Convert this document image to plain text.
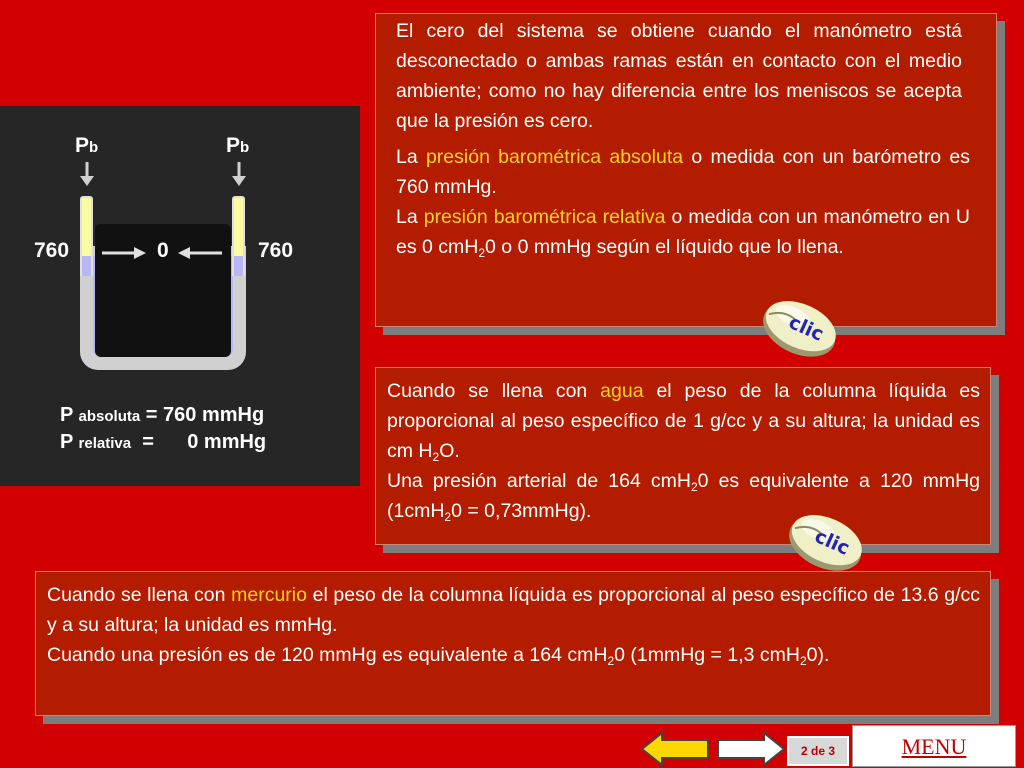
Pb	Pb
760	0	760
P absoluta = 760 mmHg
P relativa  =      0 mmHg

El cero del sistema se obtiene cuando el manómetro está desconectado o ambas ramas están en contacto con el medio ambiente; como no hay diferencia entre los meniscos se acepta que la presión es cero.

La presión barométrica absoluta o medida con un barómetro es 760 mmHg.

La presión barométrica relativa o medida con un manómetro en U es 0 cmH$_2$0 o 0 mmHg según el líquido que lo llena.

Cuando se llena con agua el peso de la columna líquida es proporcional al peso específico de 1 g/cc y a su altura; la unidad es cm $H_2O$.

Una presión arterial de 164 cmH$_2$0 es equivalente a 120 mmHg (1cmH$_2$0 = 0,73mmHg).

Cuando se llena con mercurio el peso de la columna líquida es proporcional al peso específico de 13.6 g/cc y a su altura; la unidad es mmHg.

Cuando una presión es de 120 mmHg es equivalente a 164 cmH$_2$0 (1mmHg = 1,3 cmH$_2$0).

clic
clic
2 de 3	MENU
